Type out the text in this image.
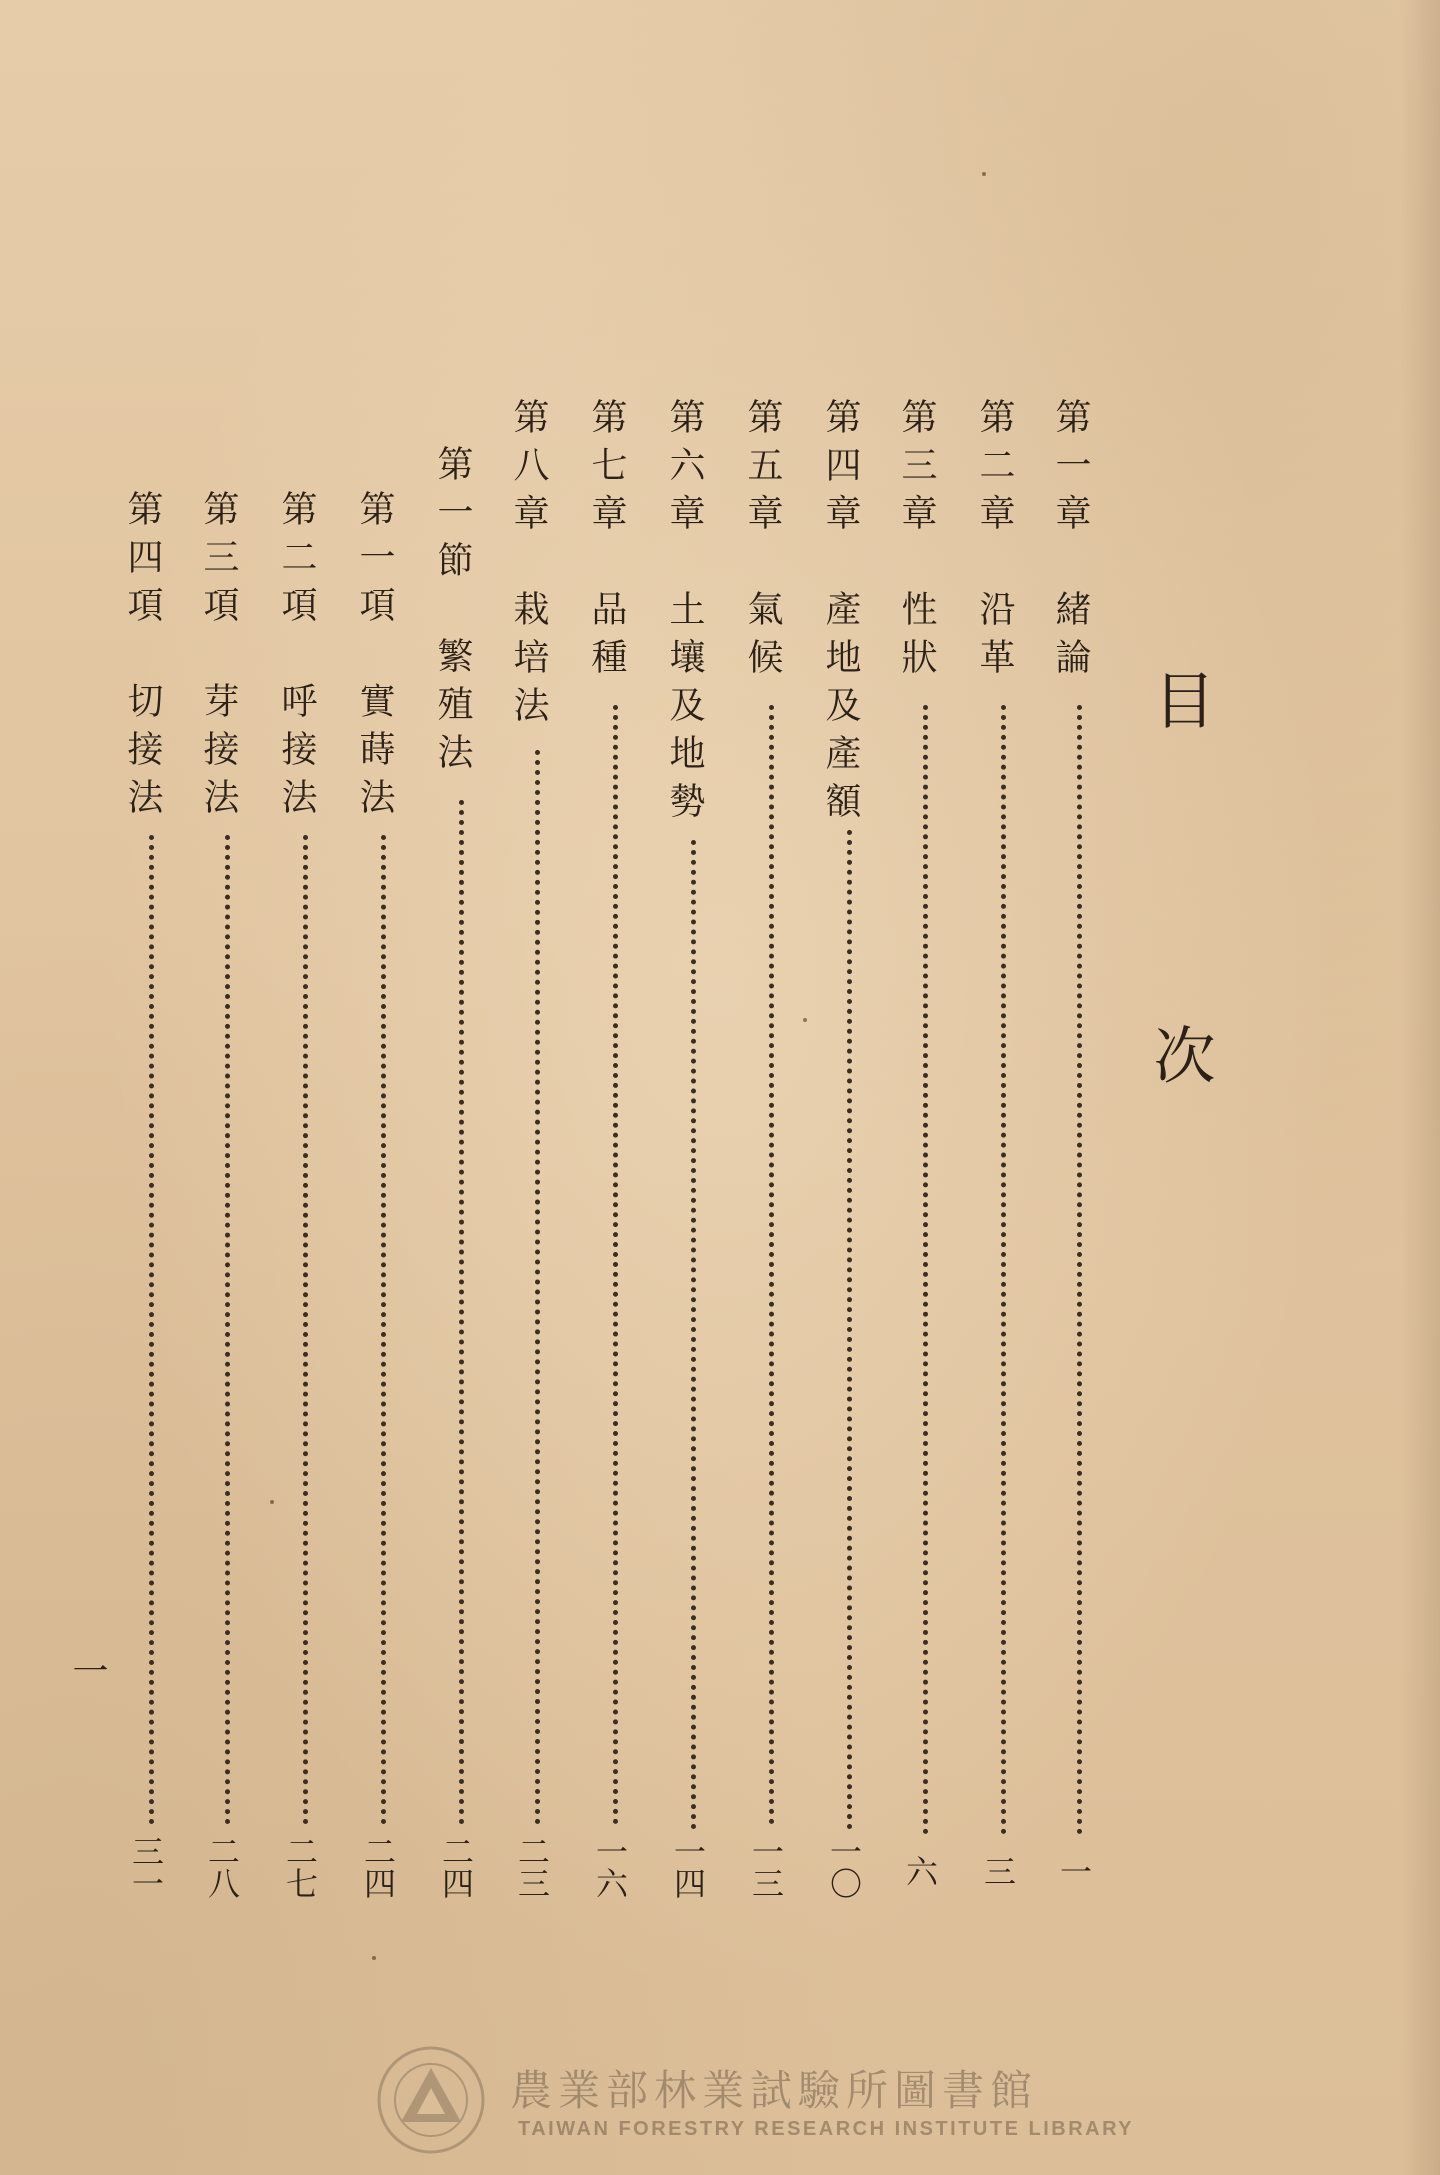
目 次
第一章　緒論
一
第二章　沿革
三
第三章　性狀
六
第四章　產地及產額
一〇
第五章　氣候
一三
第六章　土壤及地勢
一四
第七章　品種
一六
第八章　栽培法
二三
第一節　繁殖法
二四
第一項　實蒔法
二四
第二項　呼接法
二七
第三項　芽接法
二八
第四項　切接法
三一
一
農業部林業試驗所圖書館
TAIWAN FORESTRY RESEARCH INSTITUTE LIBRARY
